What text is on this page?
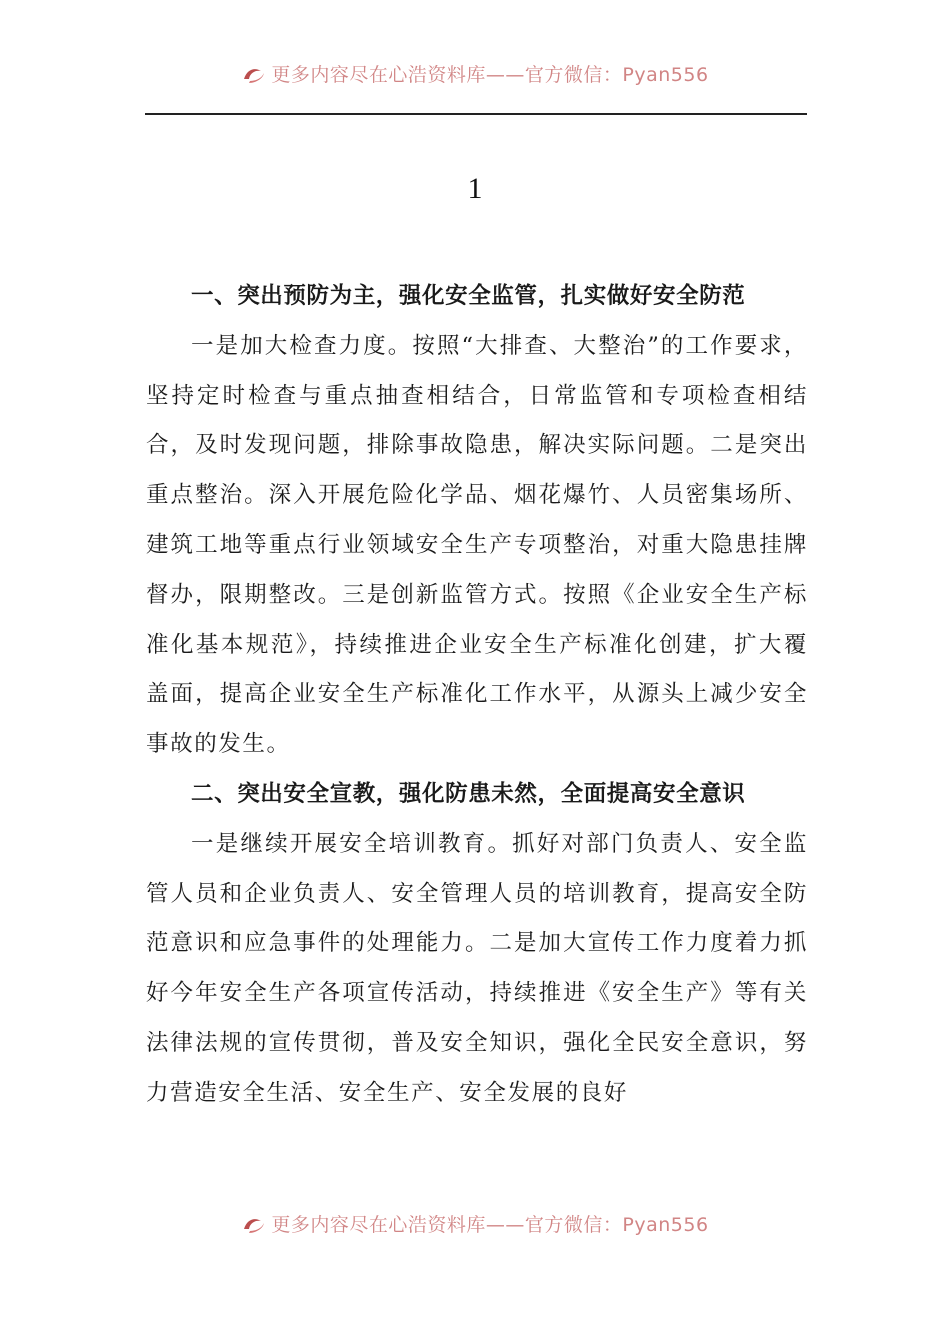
更多内容尽在心浩资料库——官方微信：Pyan556
1

一、突出预防为主，强化安全监管，扎实做好安全防范

一是加大检查力度。按照“大排查、大整治”的工作要求，坚持定时检查与重点抽查相结合，日常监管和专项检查相结合，及时发现问题，排除事故隐患，解决实际问题。二是突出重点整治。深入开展危险化学品、烟花爆竹、人员密集场所、建筑工地等重点行业领域安全生产专项整治，对重大隐患挂牌督办，限期整改。三是创新监管方式。按照《企业安全生产标准化基本规范》，持续推进企业安全生产标准化创建，扩大覆盖面，提高企业安全生产标准化工作水平，从源头上减少安全事故的发生。

二、突出安全宣教，强化防患未然，全面提高安全意识

一是继续开展安全培训教育。抓好对部门负责人、安全监管人员和企业负责人、安全管理人员的培训教育，提高安全防范意识和应急事件的处理能力。二是加大宣传工作力度着力抓好今年安全生产各项宣传活动，持续推进《安全生产》等有关法律法规的宣传贯彻，普及安全知识，强化全民安全意识，努力营造安全生活、安全生产、安全发展的良好

更多内容尽在心浩资料库——官方微信：Pyan556
